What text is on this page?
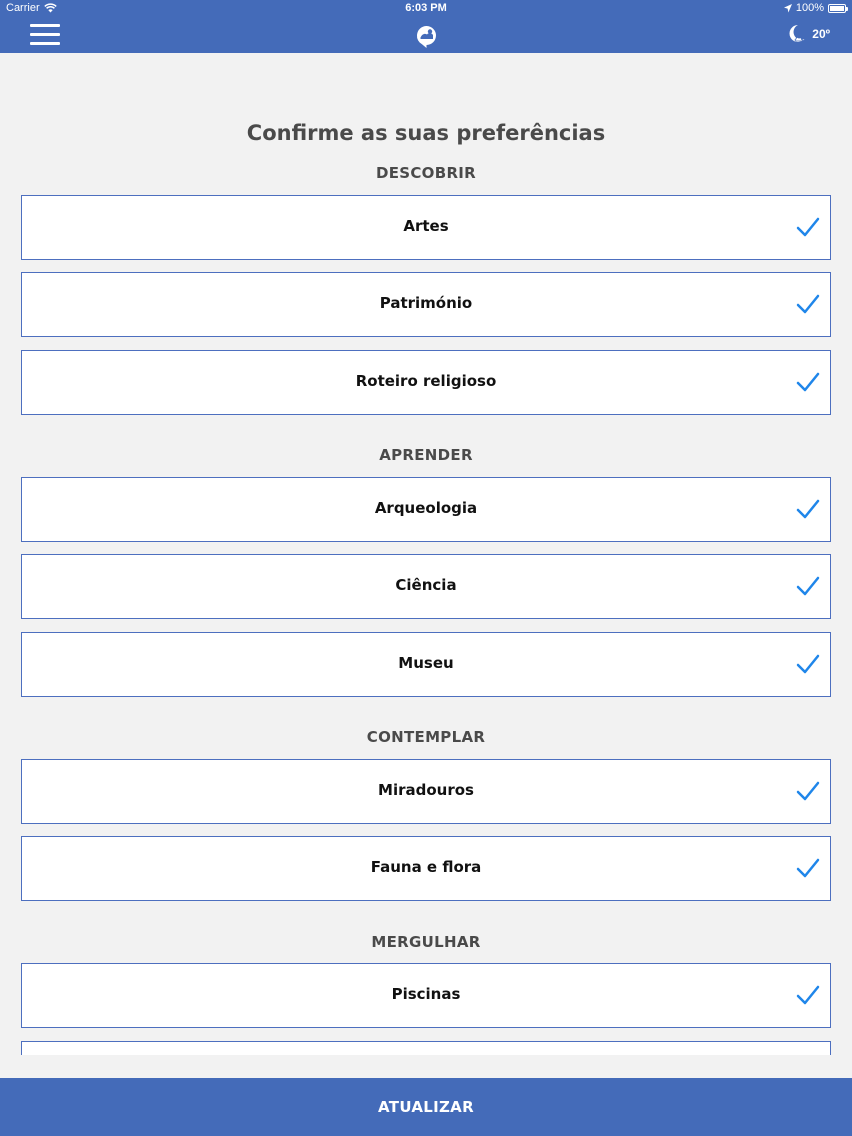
Carrier	6:03 PM	100%
20º
Confirme as suas preferências
DESCOBRIR
Artes
Património
Roteiro religioso
APRENDER
Arqueologia
Ciência
Museu
CONTEMPLAR
Miradouros
Fauna e flora
MERGULHAR
Piscinas
ATUALIZAR
